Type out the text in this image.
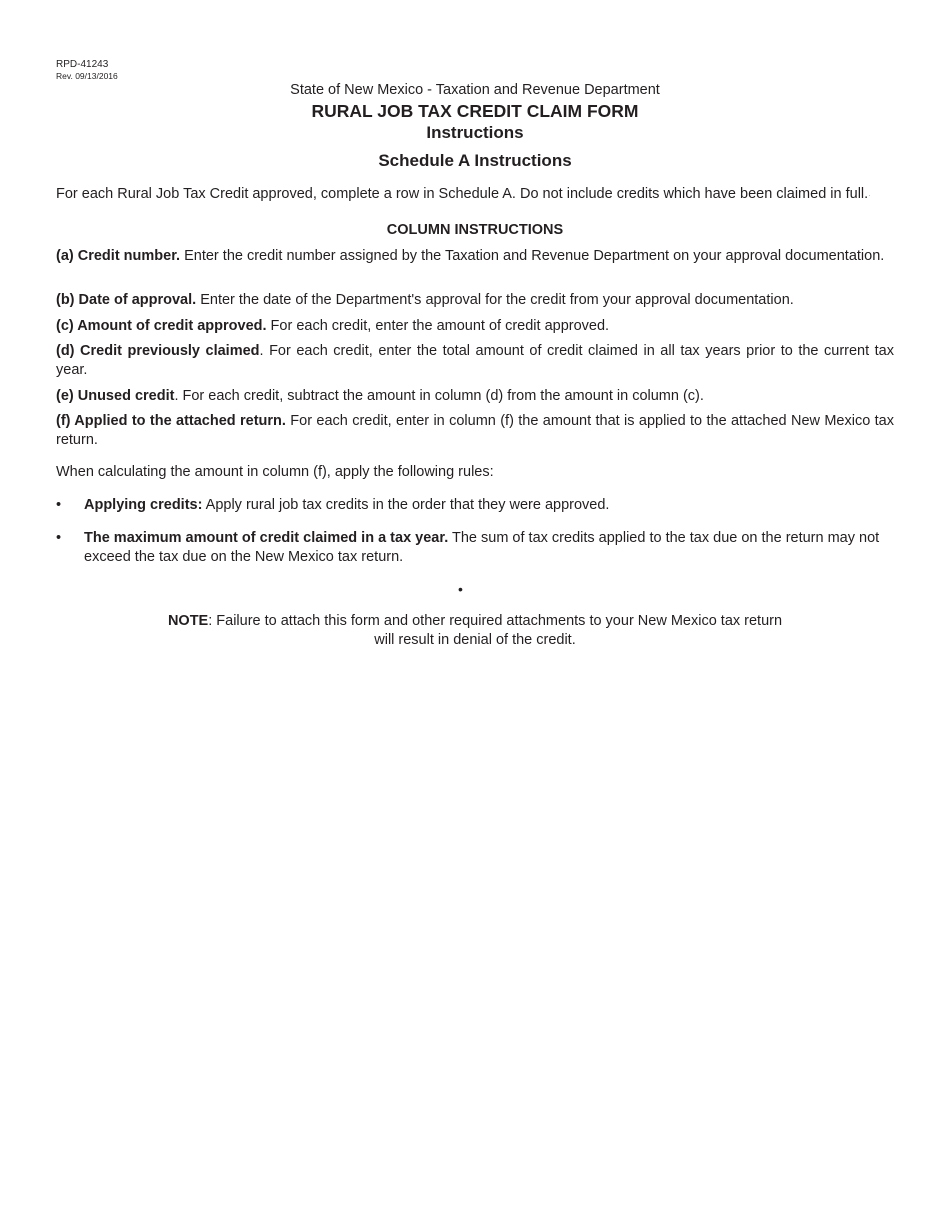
RPD-41243
Rev. 09/13/2016
State of New Mexico - Taxation and Revenue Department
RURAL JOB TAX CREDIT CLAIM FORM
Instructions
Schedule A Instructions
For each Rural Job Tax Credit approved, complete a row in Schedule A. Do not include credits which have been claimed in full.·
COLUMN INSTRUCTIONS
(a) Credit number. Enter the credit number assigned by the Taxation and Revenue Department on your approval documentation.
(b) Date of approval. Enter the date of the Department's approval for the credit from your approval documentation.
(c) Amount of credit approved. For each credit, enter the amount of credit approved.
(d) Credit previously claimed. For each credit, enter the total amount of credit claimed in all tax years prior to the current tax year.
(e) Unused credit. For each credit, subtract the amount in column (d) from the amount in column (c).
(f) Applied to the attached return. For each credit, enter in column (f) the amount that is applied to the attached New Mexico tax return.
When calculating the amount in column (f), apply the following rules:
• Applying credits: Apply rural job tax credits in the order that they were approved.
• The maximum amount of credit claimed in a tax year. The sum of tax credits applied to the tax due on the return may not exceed the tax due on the New Mexico tax return.
•
NOTE: Failure to attach this form and other required attachments to your New Mexico tax return
will result in denial of the credit.
